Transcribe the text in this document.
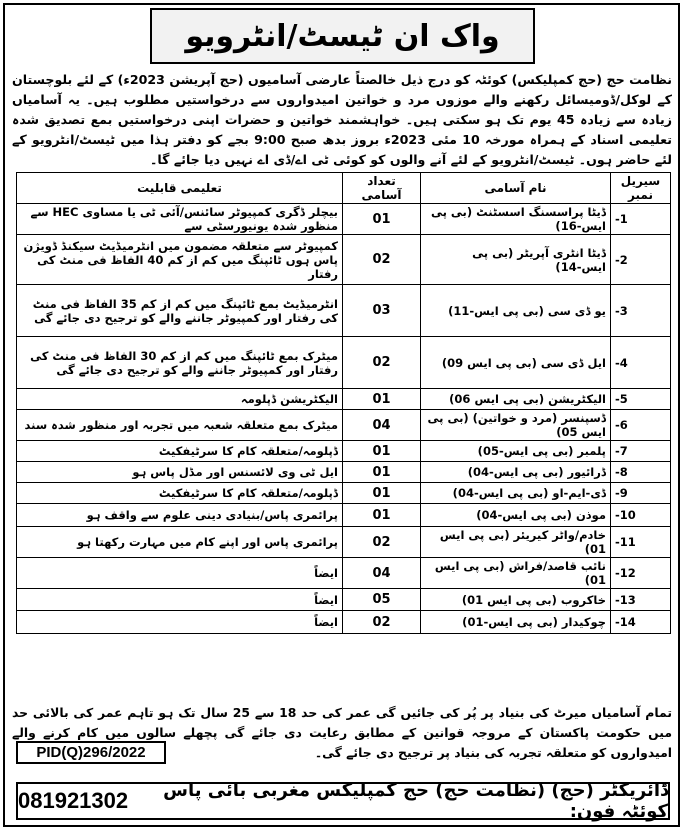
واک ان ٹیسٹ/انٹرویو
نظامت حج (حج کمپلیکس) کوئٹہ کو درج ذیل خالصتاً عارضی آسامیوں (حج آپریشن 2023ء) کے لئے بلوچستان کے لوکل/ڈومیسائل رکھنے والے موزوں مرد و خواتین امیدواروں سے درخواستیں مطلوب ہیں۔ یہ آسامیاں زیادہ سے زیادہ 45 یوم تک ہو سکتی ہیں۔ خواہشمند خواتین و حضرات اپنی درخواستیں بمع تصدیق شدہ تعلیمی اسناد کے ہمراہ مورخہ 10 مئی 2023ء بروز بدھ صبح 9:00 بجے کو دفتر ہذا میں ٹیسٹ/انٹرویو کے لئے حاضر ہوں۔ ٹیسٹ/انٹرویو کے لئے آنے والوں کو کوئی ٹی اے/ڈی اے نہیں دیا جائے گا۔
سیریل نمبر	نام آسامی	تعداد آسامی	تعلیمی قابلیت
-1	ڈیٹا پراسسنگ اسسٹنٹ (بی پی ایس-16)	01	بیچلر ڈگری کمپیوٹر سائنس/آئی ٹی یا مساوی HEC سے منظور شدہ یونیورسٹی سے
-2	ڈیٹا انٹری آپریٹر (بی پی ایس-14)	02	کمپیوٹر سے متعلقہ مضمون میں انٹرمیڈیٹ سیکنڈ ڈویژن پاس ہوں ٹائپنگ میں کم از کم 40 الفاظ فی منٹ کی رفتار
-3	یو ڈی سی (بی پی ایس-11)	03	انٹرمیڈیٹ بمع ٹائپنگ میں کم از کم 35 الفاظ فی منٹ کی رفتار اور کمپیوٹر جاننے والے کو ترجیح دی جائے گی
-4	ایل ڈی سی (بی پی ایس 09)	02	میٹرک بمع ٹائپنگ میں کم از کم 30 الفاظ فی منٹ کی رفتار اور کمپیوٹر جاننے والے کو ترجیح دی جائے گی
-5	الیکٹریشن (بی پی ایس 06)	01	الیکٹریشن ڈپلومہ
-6	ڈسپنسر (مرد و خواتین) (بی پی ایس 05)	04	میٹرک بمع متعلقہ شعبہ میں تجربہ اور منظور شدہ سند
-7	پلمبر (بی پی ایس-05)	01	ڈپلومہ/متعلقہ کام کا سرٹیفکیٹ
-8	ڈرائیور (بی پی ایس-04)	01	ایل ٹی وی لائسنس اور مڈل پاس ہو
-9	ڈی-ایم-او (بی پی ایس-04)	01	ڈپلومہ/متعلقہ کام کا سرٹیفکیٹ
-10	موذن (بی پی ایس-04)	01	پرائمری پاس/بنیادی دینی علوم سے واقف ہو
-11	خادم/واٹر کیریئر (بی پی ایس 01)	02	پرائمری پاس اور اپنے کام میں مہارت رکھتا ہو
-12	نائب قاصد/فراش (بی پی ایس 01)	04	ایضاً
-13	خاکروب (بی پی ایس 01)	05	ایضاً
-14	چوکیدار (بی پی ایس-01)	02	ایضاً
تمام آسامیاں میرٹ کی بنیاد پر پُر کی جائیں گی عمر کی حد 18 سے 25 سال تک ہو تاہم عمر کی بالائی حد میں حکومت پاکستان کے مروجہ قوانین کے مطابق رعایت دی جائے گی پچھلے سالوں میں کام کرنے والے امیدواروں کو متعلقہ تجربہ کی بنیاد پر ترجیح دی جائے گی۔
PID(Q)296/2022
ڈائریکٹر (حج) (نظامت حج) حج کمپلیکس مغربی بائی پاس کوئٹہ فون:
081921302
